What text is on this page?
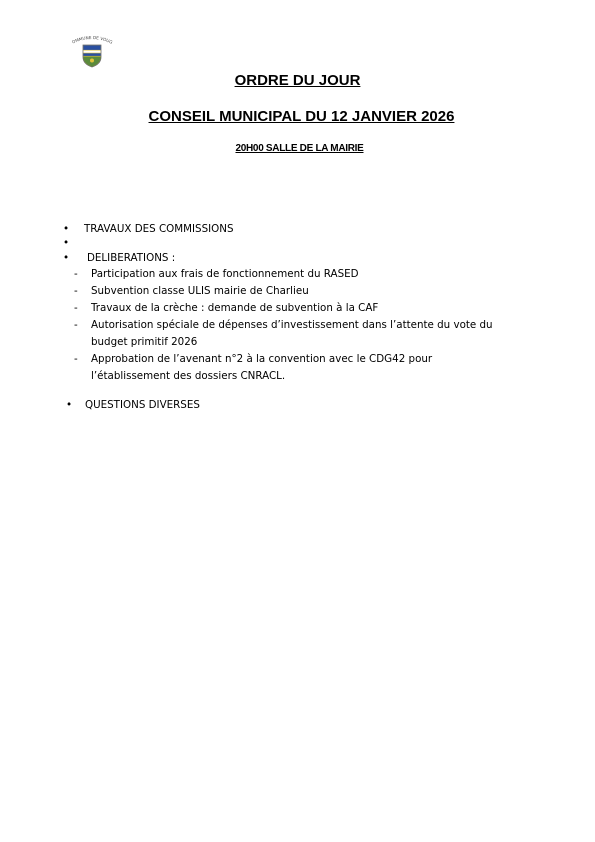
OMMUNE DE VOUG
ORDRE DU JOUR
CONSEIL MUNICIPAL DU 12 JANVIER 2026
20H00 SALLE DE LA MAIRIE
• TRAVAUX DES COMMISSIONS
•
• DELIBERATIONS :
- Participation aux frais de fonctionnement du RASED
- Subvention classe ULIS mairie de Charlieu
- Travaux de la crèche : demande de subvention à la CAF
- Autorisation spéciale de dépenses d’investissement dans l’attente du vote du
budget primitif 2026
- Approbation de l’avenant n°2 à la convention avec le CDG42 pour
l’établissement des dossiers CNRACL.
• QUESTIONS DIVERSES
